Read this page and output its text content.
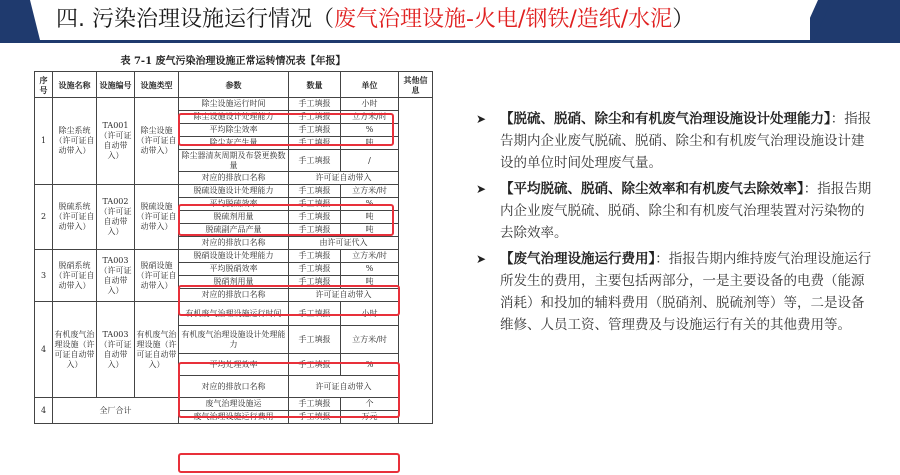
四. 污染治理设施运行情况（废气治理设施-火电/钢铁/造纸/水泥）
表 7-1 废气污染治理设施正常运转情况表【年报】
序号	设施名称	设施编号	设施类型	参数	数量	单位	其他信息
1	除尘系统（许可证自动带入）	TA001（许可证自动带入）	除尘设施（许可证自动带入）	除尘设施运行时间	手工填报	小时	
				除尘设施设计处理能力	手工填报	立方米/时	
				平均除尘效率	手工填报	%	
				除尘灰产生量	手工填报	吨	
				除尘器清灰周期及布袋更换数量	手工填报	/	
				对应的排放口名称	许可证自动带入		
2	脱硫系统（许可证自动带入）	TA002（许可证自动带入）	脱硫设施（许可证自动带入）	脱硫设施设计处理能力	手工填报	立方米/时	
				平均脱硫效率	手工填报	%	
				脱硫剂用量	手工填报	吨	
				脱硫副产品产量	手工填报	吨	
				对应的排放口名称	由许可证代入		
3	脱硝系统（许可证自动带入）	TA003（许可证自动带入）	脱硝设施（许可证自动带入）	脱硝设施设计处理能力	手工填报	立方米/时	
				平均脱硝效率	手工填报	%	
				脱硝剂用量	手工填报	吨	
				对应的排放口名称	许可证自动带入		
4	有机废气治理设施（许可证自动带入）	TA003（许可证自动带入）	有机废气治理设施（许可证自动带入）	有机废气治理设施运行时间	手工填报	小时	
				有机废气治理设施设计处理能力	手工填报	立方米/时	
				平均处理效率	手工填报	%	
				对应的排放口名称	许可证自动带入		
4	全厂合计			废气治理设施运	手工填报	个	
				废气治理设施运行费用	手工填报	万元	
➤	【脱硫、脱硝、除尘和有机废气治理设施设计处理能力】：指报告期内企业废气脱硫、脱硝、除尘和有机废气治理设施设计建设的单位时间处理废气量。
➤	【平均脱硫、脱硝、除尘效率和有机废气去除效率】：指报告期内企业废气脱硫、脱硝、除尘和有机废气治理装置对污染物的去除效率。
➤	【废气治理设施运行费用】：指报告期内维持废气治理设施运行所发生的费用，主要包括两部分，一是主要设备的电费（能源消耗）和投加的辅料费用（脱硝剂、脱硫剂等）等，二是设备维修、人员工资、管理费及与设施运行有关的其他费用等。
